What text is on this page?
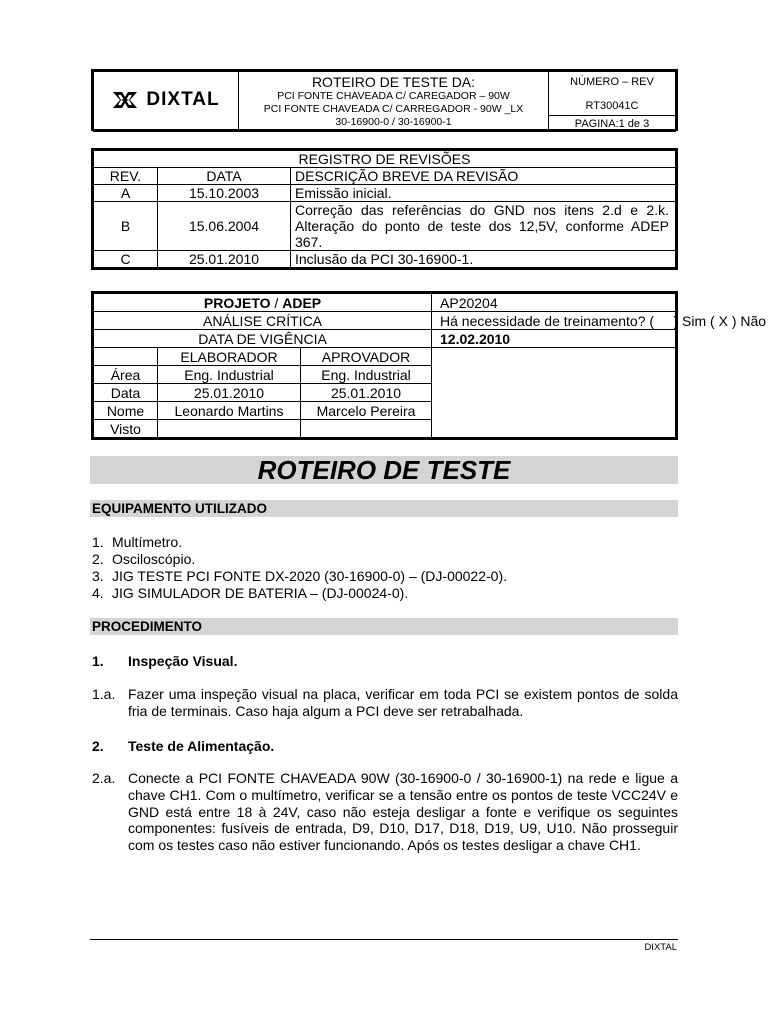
DIXTAL

ROTEIRO DE TESTE DA:
PCI FONTE CHAVEADA C/ CAREGADOR – 90W
PCI FONTE CHAVEADA C/ CARREGADOR - 90W _LX
30-16900-0 / 30-16900-1

NÚMERO – REV
RT30041C

PAGINA:1 de 3
REGISTRO DE REVISÕES		
REV.	DATA	DESCRIÇÃO BREVE DA REVISÃO
A	15.10.2003	Emissão inicial.
B	15.06.2004	Correção das referências do GND nos itens 2.d e 2.k. Alteração do ponto de teste dos 12,5V, conforme ADEP 367.
C	25.01.2010	Inclusão da PCI 30-16900-1.
PROJETO / ADEP			AP20204
ANÁLISE CRÍTICA			Há necessidade de treinamento? (     ) Sim ( X ) Não
DATA DE VIGÊNCIA			12.02.2010
	ELABORADOR	APROVADOR	
Área	Eng. Industrial	Eng. Industrial	
Data	25.01.2010	25.01.2010	
Nome	Leonardo Martins	Marcelo Pereira	
Visto			
ROTEIRO DE TESTE
EQUIPAMENTO UTILIZADO
1. Multímetro.
2. Osciloscópio.
3. JIG TESTE PCI FONTE DX-2020 (30-16900-0) – (DJ-00022-0).
4. JIG SIMULADOR DE BATERIA – (DJ-00024-0).
PROCEDIMENTO
1. Inspeção Visual.
1.a. Fazer uma inspeção visual na placa, verificar em toda PCI se existem pontos de solda fria de terminais. Caso haja algum a PCI deve ser retrabalhada.
2. Teste de Alimentação.
2.a. Conecte a PCI FONTE CHAVEADA 90W (30-16900-0 / 30-16900-1) na rede e ligue a chave CH1. Com o multímetro, verificar se a tensão entre os pontos de teste VCC24V e GND está entre 18 à 24V, caso não esteja desligar a fonte e verifique os seguintes componentes: fusíveis de entrada, D9, D10, D17, D18, D19, U9, U10. Não prosseguir com os testes caso não estiver funcionando. Após os testes desligar a chave CH1.
DIXTAL
